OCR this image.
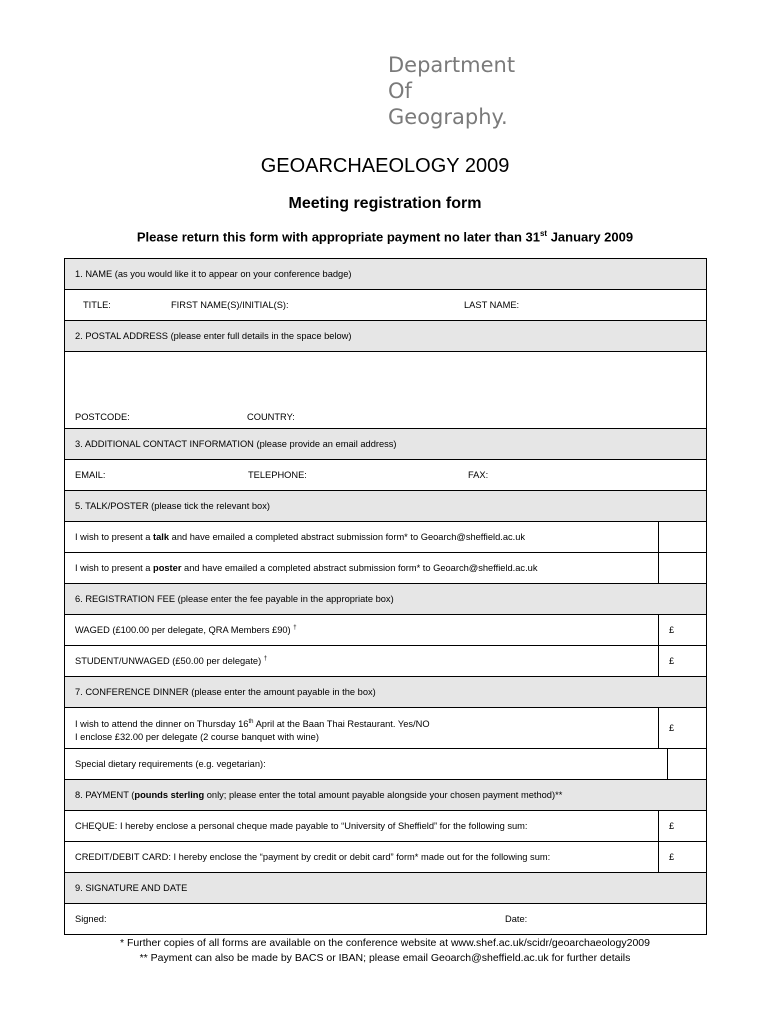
Department
Of
Geography.
GEOARCHAEOLOGY 2009
Meeting registration form
Please return this form with appropriate payment no later than 31st January 2009
1. NAME (as you would like it to appear on your conference badge)	
TITLE: FIRST NAME(S)/INITIAL(S): LAST NAME:	
2. POSTAL ADDRESS (please enter full details in the space below)	

POSTCODE: COUNTRY:	

3. ADDITIONAL CONTACT INFORMATION (please provide an email address)	
EMAIL: TELEPHONE: FAX:	
5. TALK/POSTER (please tick the relevant box)	
I wish to present a talk and have emailed a completed abstract submission form* to Geoarch@sheffield.ac.uk	
I wish to present a poster and have emailed a completed abstract submission form* to Geoarch@sheffield.ac.uk	
6. REGISTRATION FEE (please enter the fee payable in the appropriate box)	
WAGED (£100.00 per delegate, QRA Members £90) †	£
STUDENT/UNWAGED (£50.00 per delegate) †	£
7. CONFERENCE DINNER (please enter the amount payable in the box)	

I wish to attend the dinner on Thursday 16th April at the Baan Thai Restaurant. Yes/NO
I enclose £32.00 per delegate (2 course banquet with wine)	£

Special dietary requirements (e.g. vegetarian):	

8. PAYMENT (pounds sterling only; please enter the total amount payable alongside your chosen payment method)**	
CHEQUE: I hereby enclose a personal cheque made payable to “University of Sheffield” for the following sum:	£
CREDIT/DEBIT CARD: I hereby enclose the “payment by credit or debit card” form* made out for the following sum:	£
9. SIGNATURE AND DATE	
Signed: Date:	
* Further copies of all forms are available on the conference website at www.shef.ac.uk/scidr/geoarchaeology2009
** Payment can also be made by BACS or IBAN; please email Geoarch@sheffield.ac.uk for further details
